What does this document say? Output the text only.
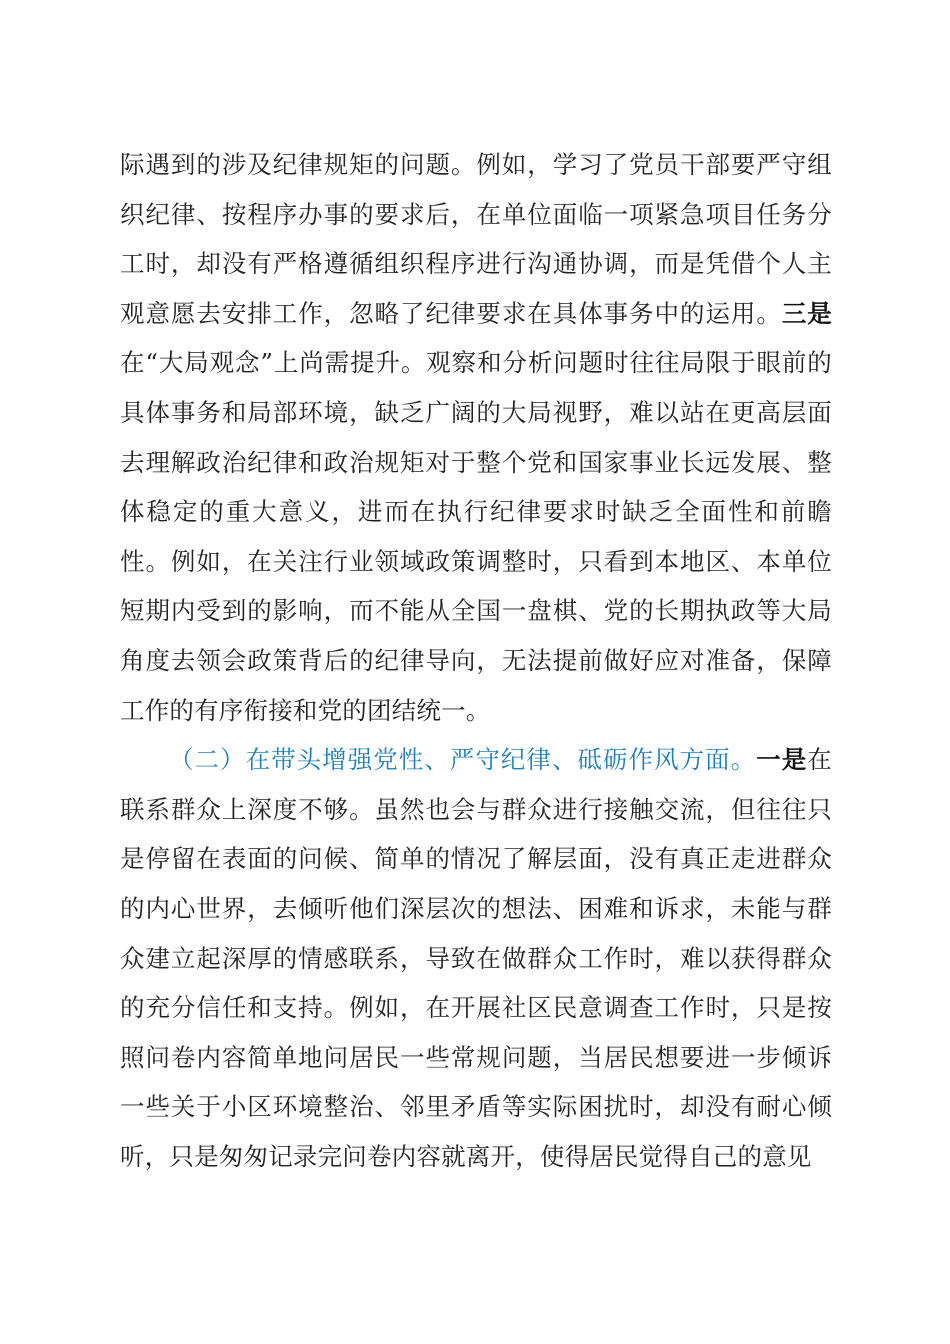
际遇到的涉及纪律规矩的问题。例如，学习了党员干部要严守组织纪律、按程序办事的要求后，在单位面临一项紧急项目任务分工时，却没有严格遵循组织程序进行沟通协调，而是凭借个人主观意愿去安排工作，忽略了纪律要求在具体事务中的运用。三是在“大局观念”上尚需提升。观察和分析问题时往往局限于眼前的具体事务和局部环境，缺乏广阔的大局视野，难以站在更高层面去理解政治纪律和政治规矩对于整个党和国家事业长远发展、整体稳定的重大意义，进而在执行纪律要求时缺乏全面性和前瞻性。例如，在关注行业领域政策调整时，只看到本地区、本单位短期内受到的影响，而不能从全国一盘棋、党的长期执政等大局角度去领会政策背后的纪律导向，无法提前做好应对准备，保障工作的有序衔接和党的团结统一。

（二）在带头增强党性、严守纪律、砥砺作风方面。一是在联系群众上深度不够。虽然也会与群众进行接触交流，但往往只是停留在表面的问候、简单的情况了解层面，没有真正走进群众的内心世界，去倾听他们深层次的想法、困难和诉求，未能与群众建立起深厚的情感联系，导致在做群众工作时，难以获得群众的充分信任和支持。例如，在开展社区民意调查工作时，只是按照问卷内容简单地问居民一些常规问题，当居民想要进一步倾诉一些关于小区环境整治、邻里矛盾等实际困扰时，却没有耐心倾听，只是匆匆记录完问卷内容就离开，使得居民觉得自己的意见
